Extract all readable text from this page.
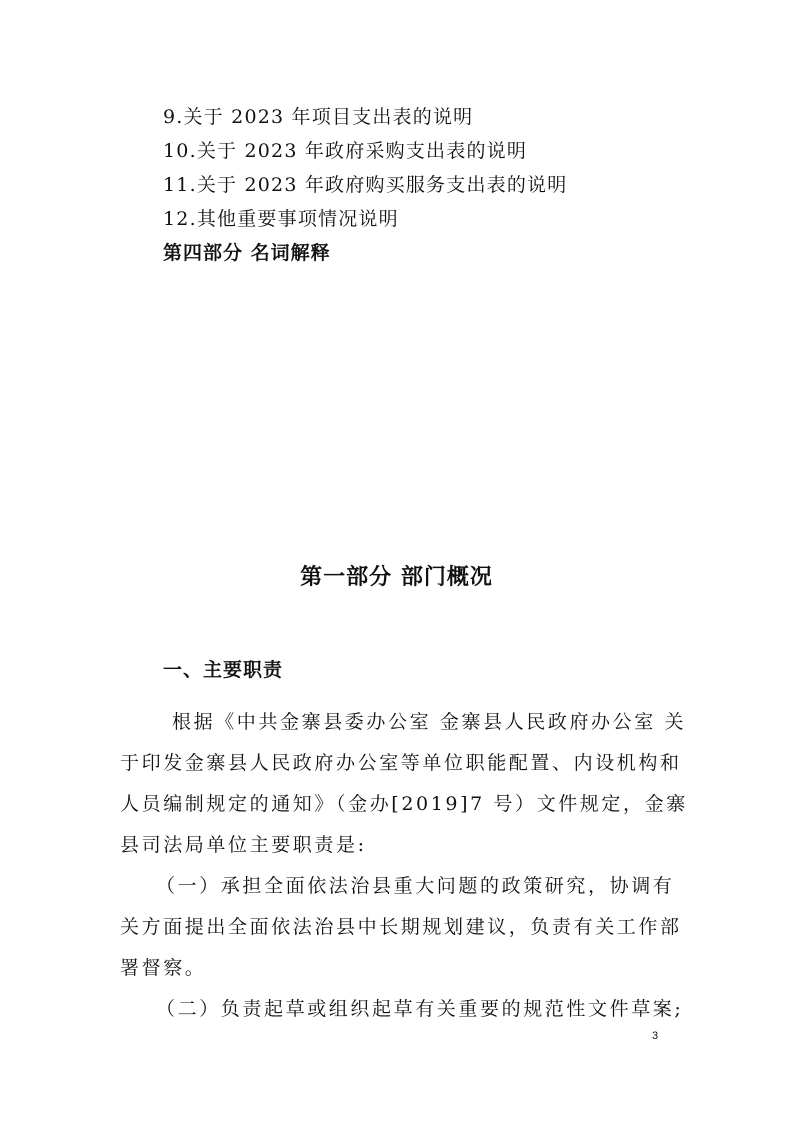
9.关于 2023 年项目支出表的说明
10.关于 2023 年政府采购支出表的说明
11.关于 2023 年政府购买服务支出表的说明
12.其他重要事项情况说明
第四部分 名词解释
第一部分 部门概况
一、主要职责
根据《中共金寨县委办公室 金寨县人民政府办公室 关
于印发金寨县人民政府办公室等单位职能配置、内设机构和
人员编制规定的通知》（金办[2019]7 号）文件规定，金寨
县司法局单位主要职责是:
（一）承担全面依法治县重大问题的政策研究，协调有
关方面提出全面依法治县中长期规划建议，负责有关工作部
署督察。
（二）负责起草或组织起草有关重要的规范性文件草案;
3
